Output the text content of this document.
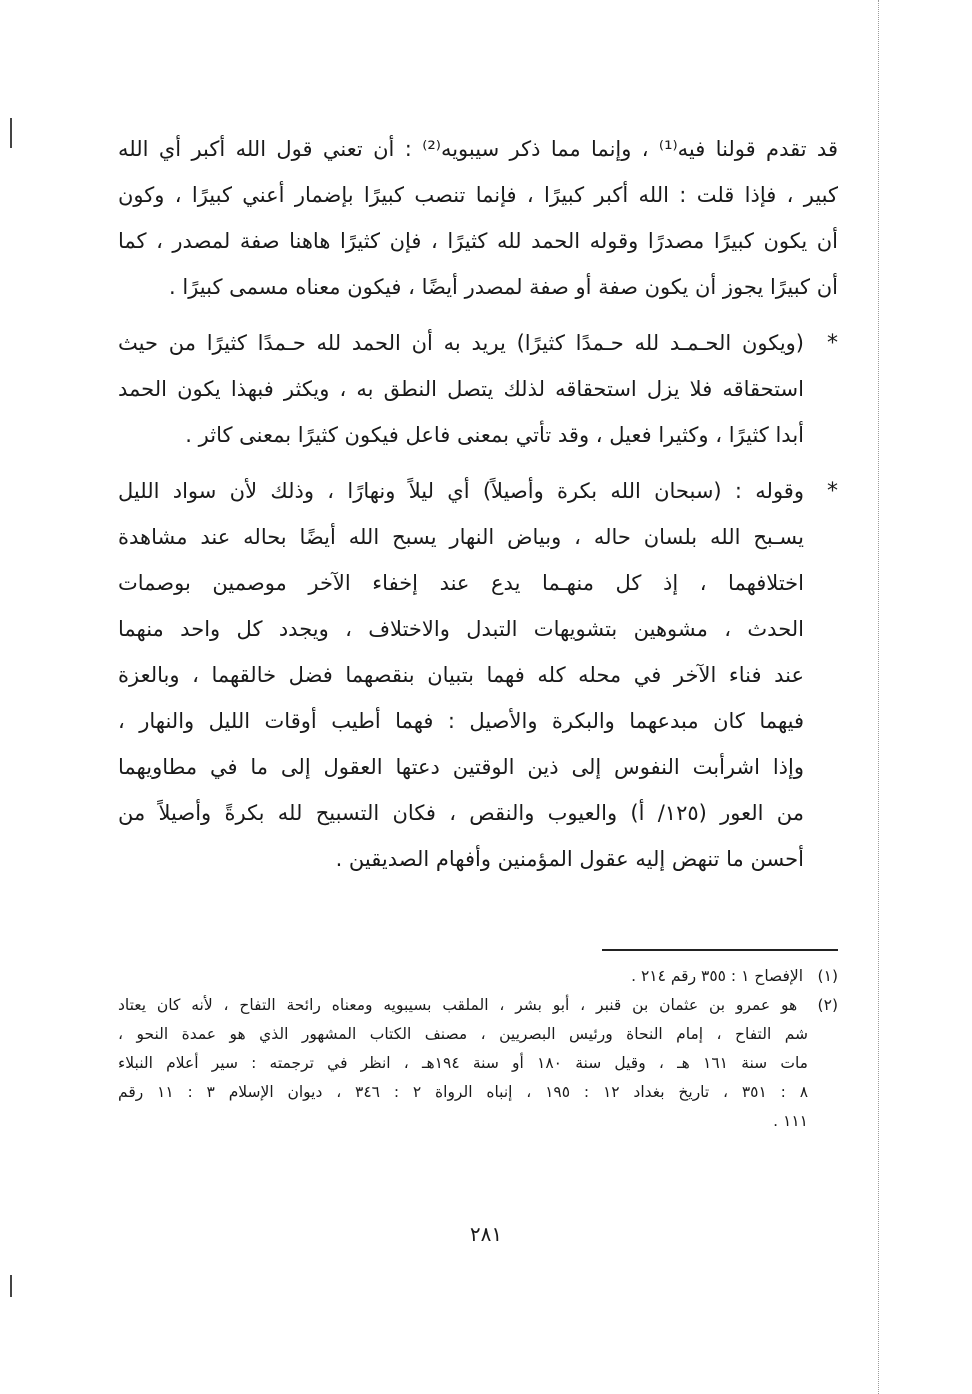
قد تقدم قولنا فيه⁽¹⁾ ، وإنما مما ذكر سيبويه⁽²⁾ : أن تعني قول الله أكبر أي الله
كبير ، فإذا قلت : الله أكبر كبيرًا ، فإنما تنصب كبيرًا بإضمار أعني كبيرًا ، وكون
أن يكون كبيرًا مصدرًا وقوله الحمد لله كثيرًا ، فإن كثيرًا هاهنا صفة لمصدر ، كما
أن كبيرًا يجوز أن يكون صفة أو صفة لمصدر أيضًا ، فيكون معناه مسمى كبيرًا .
*(ويكون الحـمـد لله حـمدًا كثيرًا) يريد به أن الحمد لله حـمدًا كثيرًا من حيث
استحقاقه فلا يزل استحقاقه لذلك يتصل النطق به ، ويكثر فبهذا يكون الحمد
أبدا كثيرًا ، وكثيرا فعيل ، وقد تأتي بمعنى فاعل فيكون كثيرًا بمعنى كاثر .
*وقوله : (سبحان الله بكرة وأصيلاً) أي ليلاً ونهارًا ، وذلك لأن سواد الليل
يسـبح الله بلسان حاله ، وبياض النهار يسبح الله أيضًا بحاله عند مشاهدة
اختلافهما ، إذ كل منهـما يدع عند إخفاء الآخر موصمين بوصمات
الحدث ، مشوهين بتشويهات التبدل والاختلاف ، ويجدد كل واحد منهما
عند فناء الآخر في محله كله فهما بتبيان بنقصهما فضل خالقهما ، وبالعزة
فيهما كان مبدعهما والبكرة والأصيل : فهما أطيب أوقات الليل والنهار ،
وإذا اشرأبت النفوس إلى ذين الوقتين دعتها العقول إلى ما في مطاويهما
من العور (١٢٥/ أ) والعيوب والنقص ، فكان التسبيح لله بكرةً وأصيلاً من
أحسن ما تنهض إليه عقول المؤمنين وأفهام الصديقين .
(١) الإفصاح ١ : ٣٥٥ رقم ٢١٤ .
(٢) هو عمرو بن عثمان بن قنبر ، أبو بشر ، الملقب بسيبويه ومعناه رائحة التفاح ، لأنه كان يعتاد
شم التفاح ، إمام النحاة ورئيس البصريين ، مصنف الكتاب المشهور الذي هو عمدة النحو ،
مات سنة ١٦١ هـ ، وقيل سنة ١٨٠ أو سنة ١٩٤هـ ، انظر في ترجمته : سير أعلام النبلاء
٨ : ٣٥١ ، تاريخ بغداد ١٢ : ١٩٥ ، إنباه الرواة ٢ : ٣٤٦ ، ديوان الإسلام ٣ : ١١ رقم
١١١ .
٢٨١
